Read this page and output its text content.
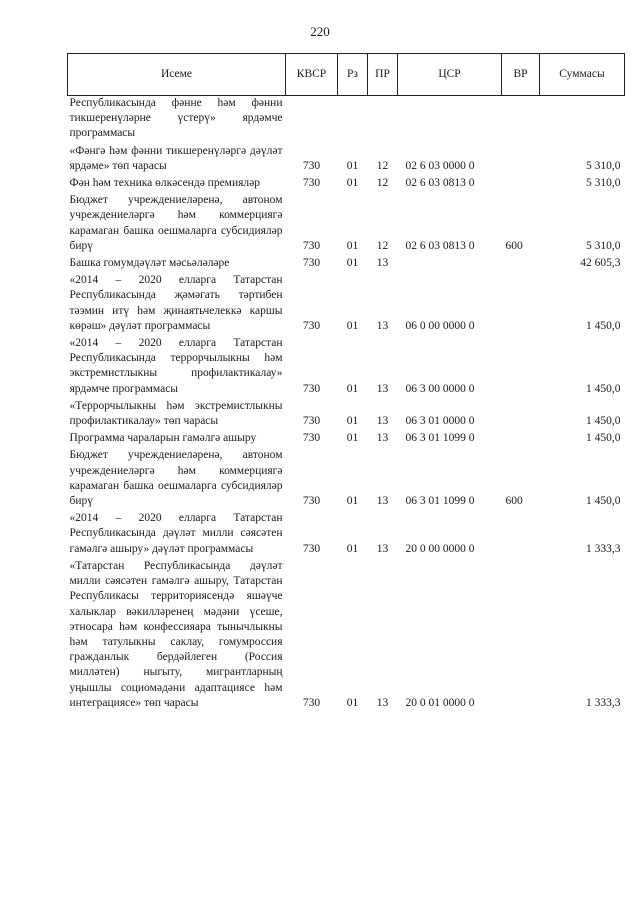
220
Исеме	КВСР	Рз	ПР	ЦСР	ВР	Суммасы
Республикасында фәнне һәм фәнни тикшеренүләрне үстерү» ярдәмче программасы						
«Фәнгә һәм фәнни тикшеренүләргә дәүләт ярдәме» төп чарасы	730	01	12	02 6 03 0000 0		5 310,0
Фән һәм техника өлкәсендә премияләр	730	01	12	02 6 03 0813 0		5 310,0
Бюджет учреждениеләренә, автоном учреждениеләргә һәм коммерциягә карамаган башка оешмаларга субсидияләр бирү	730	01	12	02 6 03 0813 0	600	5 310,0
Башка гомумдәүләт мәсьәләләре	730	01	13			42 605,3
«2014 – 2020 елларга Татарстан Республикасында җәмәгать тәртибен тәэмин итү һәм җинаятьчелеккә каршы көрәш» дәүләт программасы	730	01	13	06 0 00 0000 0		1 450,0
«2014 – 2020 елларга Татарстан Республикасында террорчылыкны һәм экстремистлыкны профилактикалау» ярдәмче программасы	730	01	13	06 3 00 0000 0		1 450,0
«Террорчылыкны һәм экстремистлыкны профилактикалау» төп чарасы	730	01	13	06 3 01 0000 0		1 450,0
Программа чараларын гамәлгә ашыру	730	01	13	06 3 01 1099 0		1 450,0
Бюджет учреждениеләренә, автоном учреждениеләргә һәм коммерциягә карамаган башка оешмаларга субсидияләр бирү	730	01	13	06 3 01 1099 0	600	1 450,0
«2014 – 2020 елларга Татарстан Республикасында дәүләт милли сәясәтен гамәлгә ашыру» дәүләт программасы	730	01	13	20 0 00 0000 0		1 333,3
«Татарстан Республикасында дәүләт милли сәясәтен гамәлгә ашыру, Татарстан Республикасы территориясендә яшәүче халыклар вәкилләренең мәдәни үсеше, этносара һәм конфессияара тынычлыкны һәм татулыкны саклау, гомумроссия гражданлык бердәйлеген (Россия милләтен) ныгыту, мигрантларның уңышлы социомәдәни адаптациясе һәм интеграциясе» төп чарасы	730	01	13	20 0 01 0000 0		1 333,3
